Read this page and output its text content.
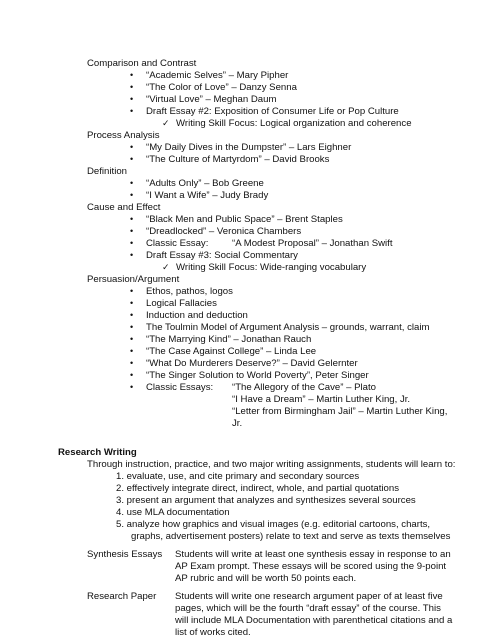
Comparison and Contrast
• “Academic Selves” – Mary Pipher
• “The Color of Love” – Danzy Senna
• “Virtual Love” – Meghan Daum
• Draft Essay #2: Exposition of Consumer Life or Pop Culture
✓ Writing Skill Focus: Logical organization and coherence
Process Analysis
• “My Daily Dives in the Dumpster” – Lars Eighner
• “The Culture of Martyrdom” – David Brooks
Definition
• “Adults Only” – Bob Greene
• “I Want a Wife” – Judy Brady
Cause and Effect
• “Black Men and Public Space” – Brent Staples
• “Dreadlocked” – Veronica Chambers
• Classic Essay: “A Modest Proposal” – Jonathan Swift
• Draft Essay #3: Social Commentary
✓ Writing Skill Focus: Wide-ranging vocabulary
Persuasion/Argument
• Ethos, pathos, logos
• Logical Fallacies
• Induction and deduction
• The Toulmin Model of Argument Analysis – grounds, warrant, claim
• “The Marrying Kind” – Jonathan Rauch
• “The Case Against College” – Linda Lee
• “What Do Murderers Deserve?” – David Gelernter
• “The Singer Solution to World Poverty”, Peter Singer
• Classic Essays: “The Allegory of the Cave” – Plato
“I Have a Dream” – Martin Luther King, Jr.
“Letter from Birmingham Jail” – Martin Luther King,
Jr.
Research Writing
Through instruction, practice, and two major writing assignments, students will learn to:
1. evaluate, use, and cite primary and secondary sources
2. effectively integrate direct, indirect, whole, and partial quotations
3. present an argument that analyzes and synthesizes several sources
4. use MLA documentation
5. analyze how graphics and visual images (e.g. editorial cartoons, charts,
graphs, advertisement posters) relate to text and serve as texts themselves
Synthesis Essays Students will write at least one synthesis essay in response to an
AP Exam prompt. These essays will be scored using the 9-point
AP rubric and will be worth 50 points each.
Research Paper Students will write one research argument paper of at least five
pages, which will be the fourth “draft essay” of the course. This
will include MLA Documentation with parenthetical citations and a
list of works cited.
